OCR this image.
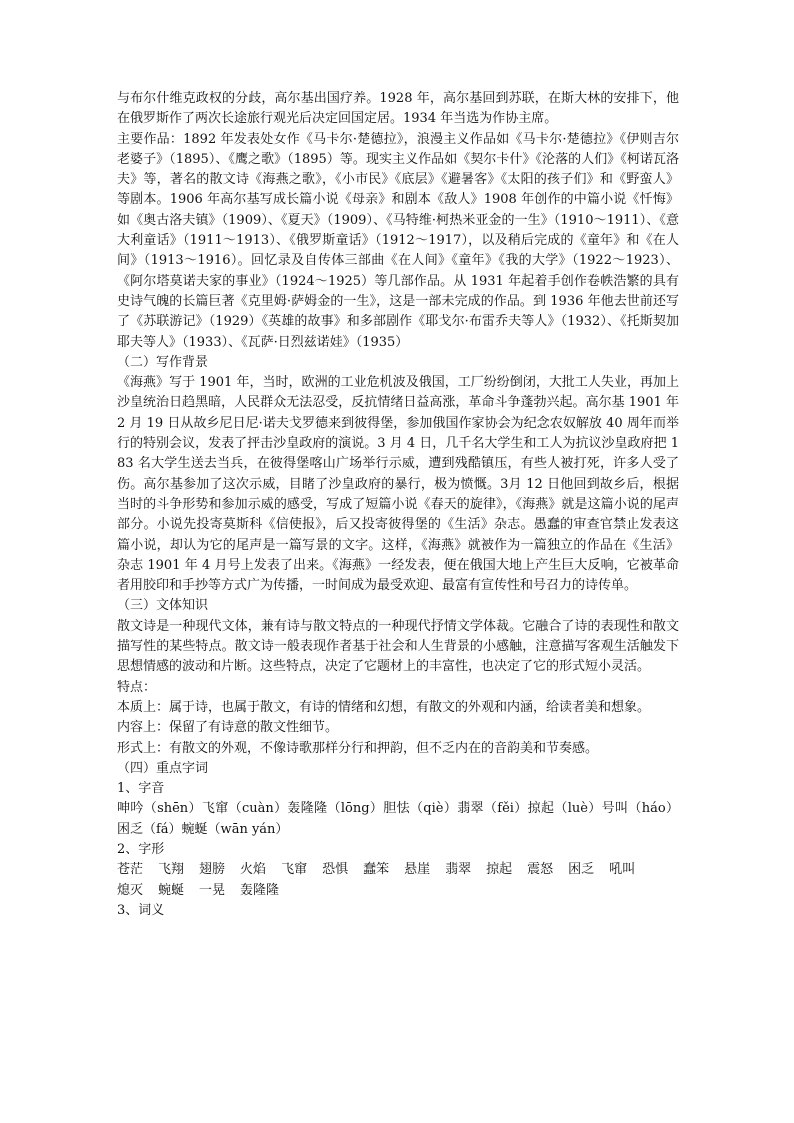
与布尔什维克政权的分歧，高尔基出国疗养。1928 年，高尔基回到苏联，在斯大林的安排下，他在俄罗斯作了两次长途旅行观光后决定回国定居。1934 年当选为作协主席。

主要作品：1892 年发表处女作《马卡尔·楚德拉》，浪漫主义作品如《马卡尔·楚德拉》《伊则吉尔老婆子》（1895）、《鹰之歌》（1895）等。现实主义作品如《契尔卡什》《沦落的人们》《柯诺瓦洛夫》等，著名的散文诗《海燕之歌》，《小市民》《底层》《避暑客》《太阳的孩子们》和《野蛮人》等剧本。1906 年高尔基写成长篇小说《母亲》和剧本《敌人》1908 年创作的中篇小说《忏悔》如《奥古洛夫镇》（1909）、《夏天》（1909）、《马特维·柯热米亚金的一生》（1910～1911）、《意大利童话》（1911～1913）、《俄罗斯童话》（1912～1917），以及稍后完成的《童年》和《在人间》（1913～1916）。回忆录及自传体三部曲《在人间》《童年》《我的大学》（1922～1923）、《阿尔塔莫诺夫家的事业》（1924～1925）等几部作品。从 1931 年起着手创作卷帙浩繁的具有史诗气魄的长篇巨著《克里姆·萨姆金的一生》，这是一部未完成的作品。到 1936 年他去世前还写了《苏联游记》（1929）《英雄的故事》和多部剧作《耶戈尔·布雷乔夫等人》（1932）、《托斯契加耶夫等人》（1933）、《瓦萨·日烈兹诺娃》（1935）

（二）写作背景

《海燕》写于 1901 年，当时，欧洲的工业危机波及俄国，工厂纷纷倒闭，大批工人失业，再加上沙皇统治日趋黑暗，人民群众无法忍受，反抗情绪日益高涨，革命斗争蓬勃兴起。高尔基 1901 年 2 月 19 日从故乡尼日尼·诺夫戈罗德来到彼得堡，参加俄国作家协会为纪念农奴解放 40 周年而举行的特别会议，发表了抨击沙皇政府的演说。3 月 4 日，几千名大学生和工人为抗议沙皇政府把 183 名大学生送去当兵，在彼得堡喀山广场举行示威，遭到残酷镇压，有些人被打死，许多人受了伤。高尔基参加了这次示威，目睹了沙皇政府的暴行，极为愤慨。3月 12 日他回到故乡后，根据当时的斗争形势和参加示威的感受，写成了短篇小说《春天的旋律》，《海燕》就是这篇小说的尾声部分。小说先投寄莫斯科《信使报》，后又投寄彼得堡的《生活》杂志。愚蠢的审查官禁止发表这篇小说，却认为它的尾声是一篇写景的文字。这样，《海燕》就被作为一篇独立的作品在《生活》杂志 1901 年 4 月号上发表了出来。《海燕》一经发表，便在俄国大地上产生巨大反响，它被革命者用胶印和手抄等方式广为传播，一时间成为最受欢迎、最富有宣传性和号召力的诗传单。

（三）文体知识

散文诗是一种现代文体，兼有诗与散文特点的一种现代抒情文学体裁。它融合了诗的表现性和散文描写性的某些特点。散文诗一般表现作者基于社会和人生背景的小感触，注意描写客观生活触发下思想情感的波动和片断。这些特点，决定了它题材上的丰富性，也决定了它的形式短小灵活。

特点：

本质上：属于诗，也属于散文，有诗的情绪和幻想，有散文的外观和内涵，给读者美和想象。

内容上：保留了有诗意的散文性细节。

形式上：有散文的外观，不像诗歌那样分行和押韵，但不乏内在的音韵美和节奏感。

（四）重点字词

1、字音

呻吟（shēn）飞窜（cuàn）轰隆隆（lōng）胆怯（qiè）翡翠（fěi）掠起（luè）号叫（háo）困乏（fá）蜿蜒（wān yán）

2、字形

苍茫 飞翔 翅膀 火焰 飞窜 恐惧 蠢笨 悬崖 翡翠 掠起 震怒 困乏 吼叫
熄灭 蜿蜒 一晃 轰隆隆

3、词义
